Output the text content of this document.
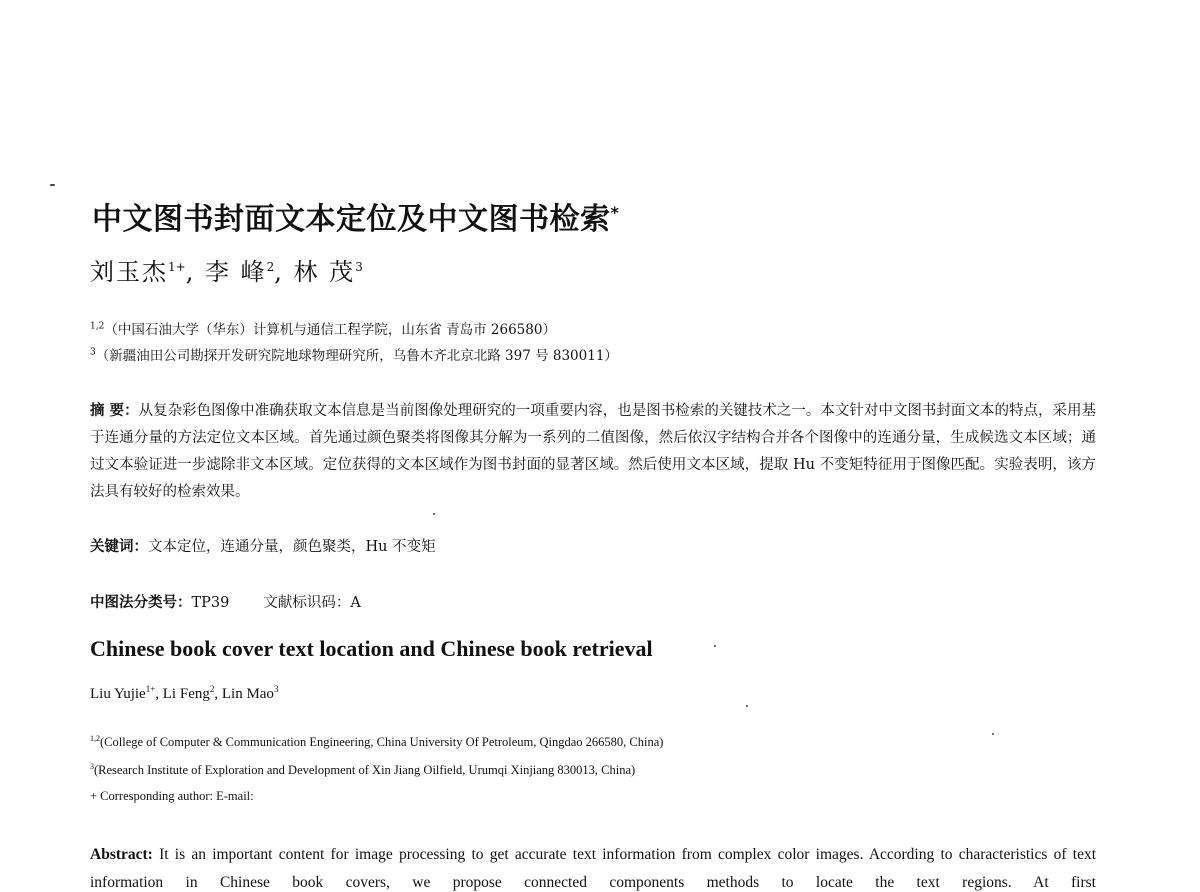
中文图书封面文本定位及中文图书检索*
刘玉杰$^{1+}$, 李 峰$^2$, 林 茂$^3$
$^{1,2}$（中国石油大学（华东）计算机与通信工程学院，山东省 青岛市 266580）
$^3$（新疆油田公司勘探开发研究院地球物理研究所，乌鲁木齐北京北路 397 号 830011）
摘 要：从复杂彩色图像中准确获取文本信息是当前图像处理研究的一项重要内容，也是图书检索的关键技术之一。本文针对中文图书封面文本的特点，采用基于连通分量的方法定位文本区域。首先通过颜色聚类将图像其分解为一系列的二值图像，然后依汉字结构合并各个图像中的连通分量，生成候选文本区域；通过文本验证进一步滤除非文本区域。定位获得的文本区域作为图书封面的显著区域。然后使用文本区域，提取 Hu 不变矩特征用于图像匹配。实验表明，该方法具有较好的检索效果。
关键词：文本定位，连通分量，颜色聚类，Hu 不变矩
中图法分类号：TP39 文献标识码：A
Chinese book cover text location and Chinese book retrieval
Liu Yujie$^{1+}$, Li Feng$^2$, Lin Mao$^3$
$^{1,2}$(College of Computer & Communication Engineering, China University Of Petroleum, Qingdao 266580, China)
$^3$(Research Institute of Exploration and Development of Xin Jiang Oilfield, Urumqi Xinjiang 830013, China)
+ Corresponding author: E-mail:
Abstract: It is an important content for image processing to get accurate text information from complex color images. According to characteristics of text information in Chinese book covers, we propose connected components methods to locate the text regions. At first
